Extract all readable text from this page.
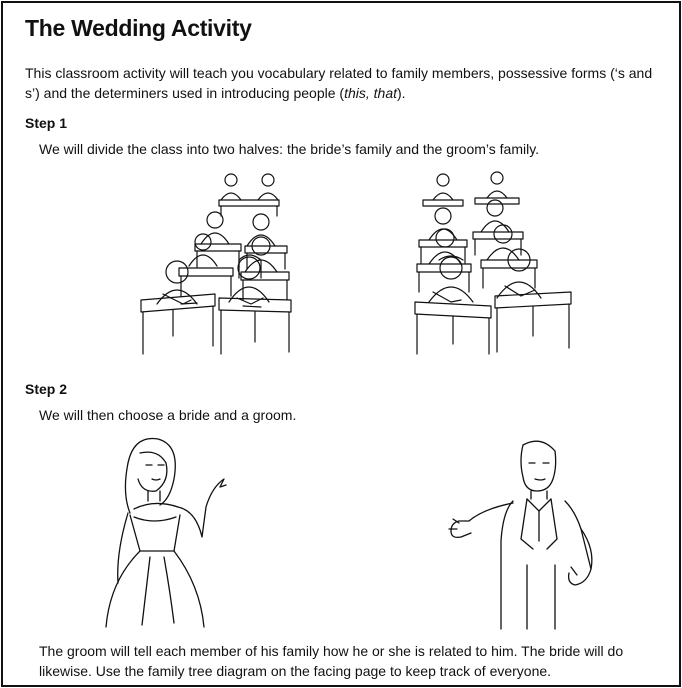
The Wedding Activity

This classroom activity will teach you vocabulary related to family members, possessive forms (‘s and s’) and the determiners used in introducing people (this, that).

Step 1

We will divide the class into two halves: the bride’s family and the groom’s family.

Step 2

We will then choose a bride and a groom.

The groom will tell each member of his family how he or she is related to him. The bride will do likewise. Use the family tree diagram on the facing page to keep track of everyone.
